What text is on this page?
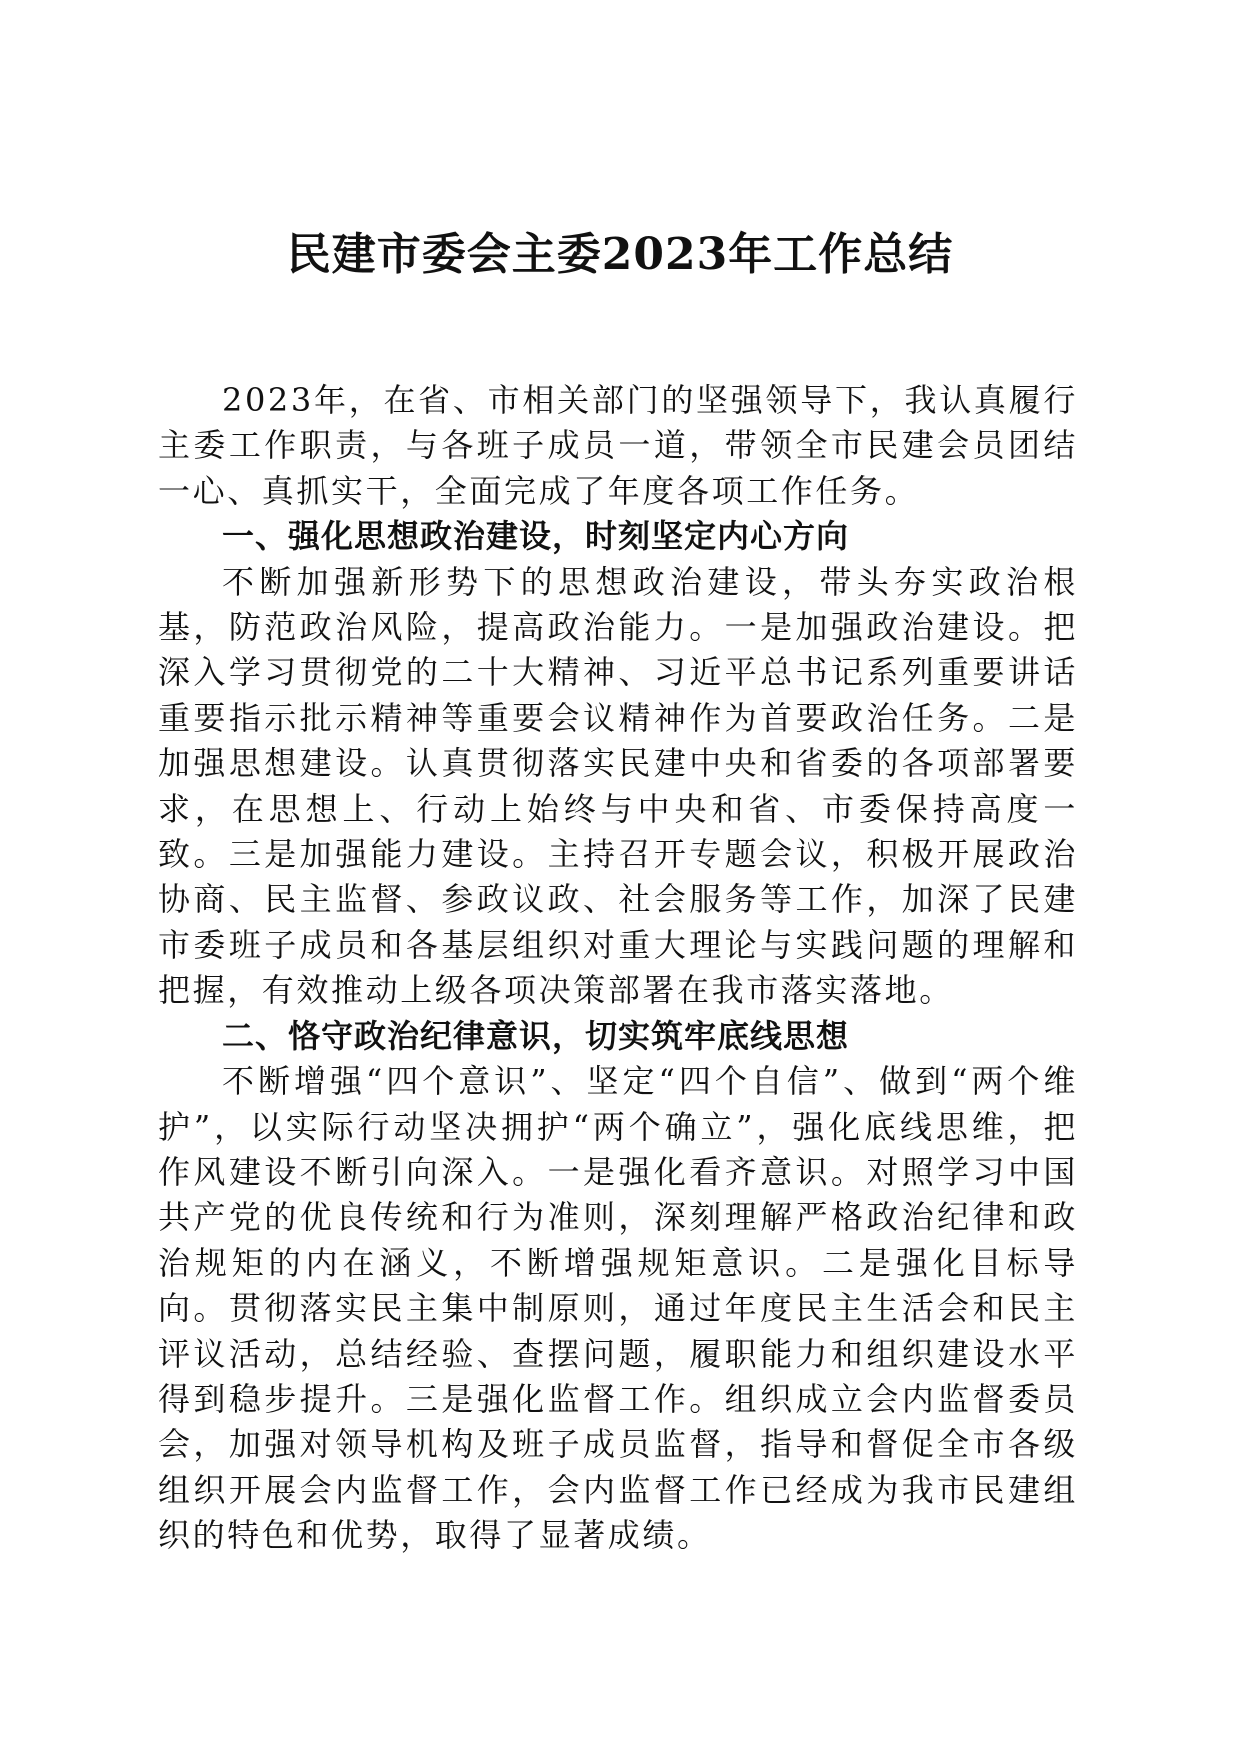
民建市委会主委2023年工作总结

2023年，在省、市相关部门的坚强领导下，我认真履行主委工作职责，与各班子成员一道，带领全市民建会员团结一心、真抓实干，全面完成了年度各项工作任务。

一、强化思想政治建设，时刻坚定内心方向

不断加强新形势下的思想政治建设，带头夯实政治根基，防范政治风险，提高政治能力。一是加强政治建设。把深入学习贯彻党的二十大精神、习近平总书记系列重要讲话重要指示批示精神等重要会议精神作为首要政治任务。二是加强思想建设。认真贯彻落实民建中央和省委的各项部署要求，在思想上、行动上始终与中央和省、市委保持高度一致。三是加强能力建设。主持召开专题会议，积极开展政治协商、民主监督、参政议政、社会服务等工作，加深了民建市委班子成员和各基层组织对重大理论与实践问题的理解和把握，有效推动上级各项决策部署在我市落实落地。

二、恪守政治纪律意识，切实筑牢底线思想

不断增强“四个意识”、坚定“四个自信”、做到“两个维护”，以实际行动坚决拥护“两个确立”，强化底线思维，把作风建设不断引向深入。一是强化看齐意识。对照学习中国共产党的优良传统和行为准则，深刻理解严格政治纪律和政治规矩的内在涵义，不断增强规矩意识。二是强化目标导向。贯彻落实民主集中制原则，通过年度民主生活会和民主评议活动，总结经验、查摆问题，履职能力和组织建设水平得到稳步提升。三是强化监督工作。组织成立会内监督委员会，加强对领导机构及班子成员监督，指导和督促全市各级组织开展会内监督工作，会内监督工作已经成为我市民建组织的特色和优势，取得了显著成绩。
